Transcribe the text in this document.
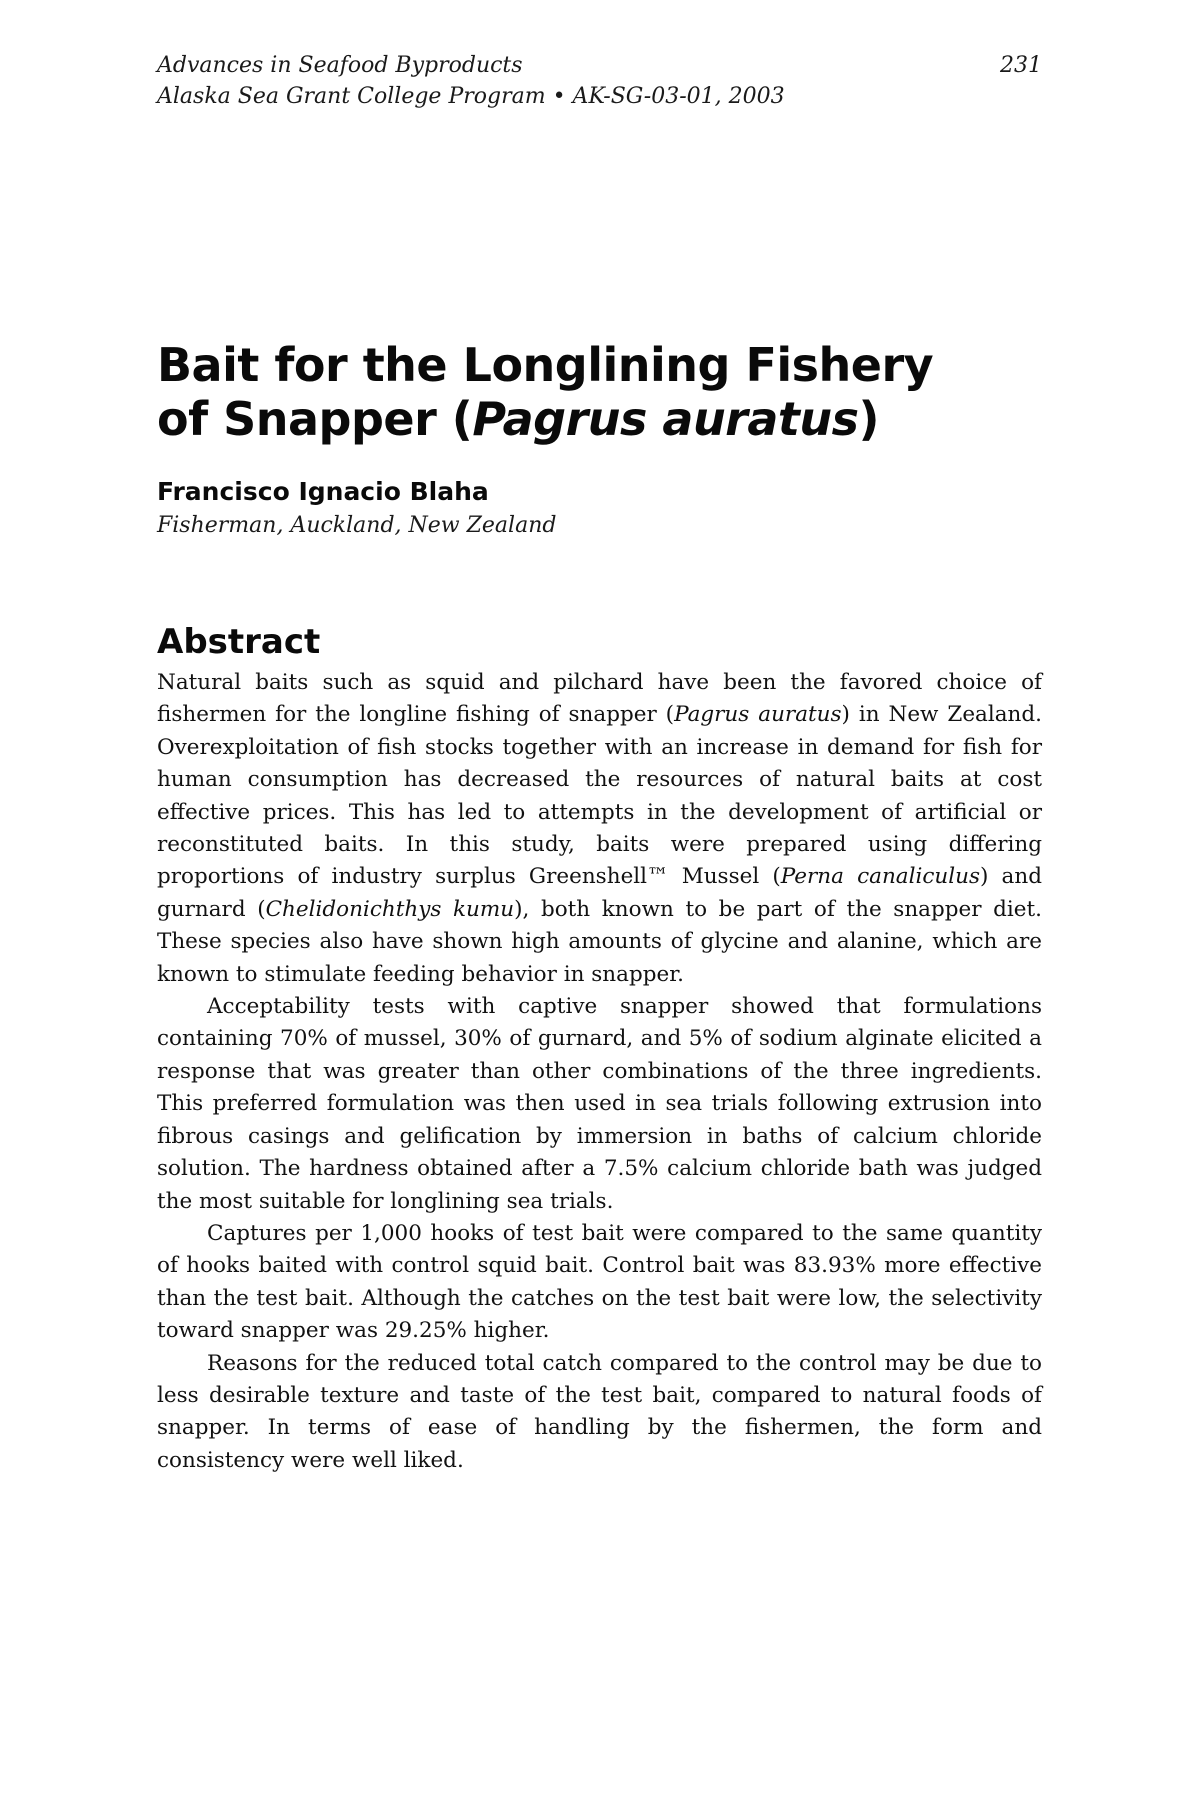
Advances in Seafood Byproducts
Alaska Sea Grant College Program • AK-SG-03-01, 2003
231
Bait for the Longlining Fishery
of Snapper (Pagrus auratus)
Francisco Ignacio Blaha
Fisherman, Auckland, New Zealand
Abstract

Natural baits such as squid and pilchard have been the favored choice of fishermen for the longline fishing of snapper (Pagrus auratus) in New Zealand. Overexploitation of fish stocks together with an increase in demand for fish for human consumption has decreased the resources of natural baits at cost effective prices. This has led to attempts in the development of artificial or reconstituted baits. In this study, baits were prepared using differing proportions of industry surplus Greenshell™ Mussel (Perna canaliculus) and gurnard (Chelidonichthys kumu), both known to be part of the snapper diet. These species also have shown high amounts of glycine and alanine, which are known to stimulate feeding behavior in snapper.

Acceptability tests with captive snapper showed that formulations containing 70% of mussel, 30% of gurnard, and 5% of sodium alginate elicited a response that was greater than other combinations of the three ingredients. This preferred formulation was then used in sea trials following extrusion into fibrous casings and gelification by immersion in baths of calcium chloride solution. The hardness obtained after a 7.5% calcium chloride bath was judged the most suitable for longlining sea trials.

Captures per 1,000 hooks of test bait were compared to the same quantity of hooks baited with control squid bait. Control bait was 83.93% more effective than the test bait. Although the catches on the test bait were low, the selectivity toward snapper was 29.25% higher.

Reasons for the reduced total catch compared to the control may be due to less desirable texture and taste of the test bait, compared to natural foods of snapper. In terms of ease of handling by the fishermen, the form and consistency were well liked.
